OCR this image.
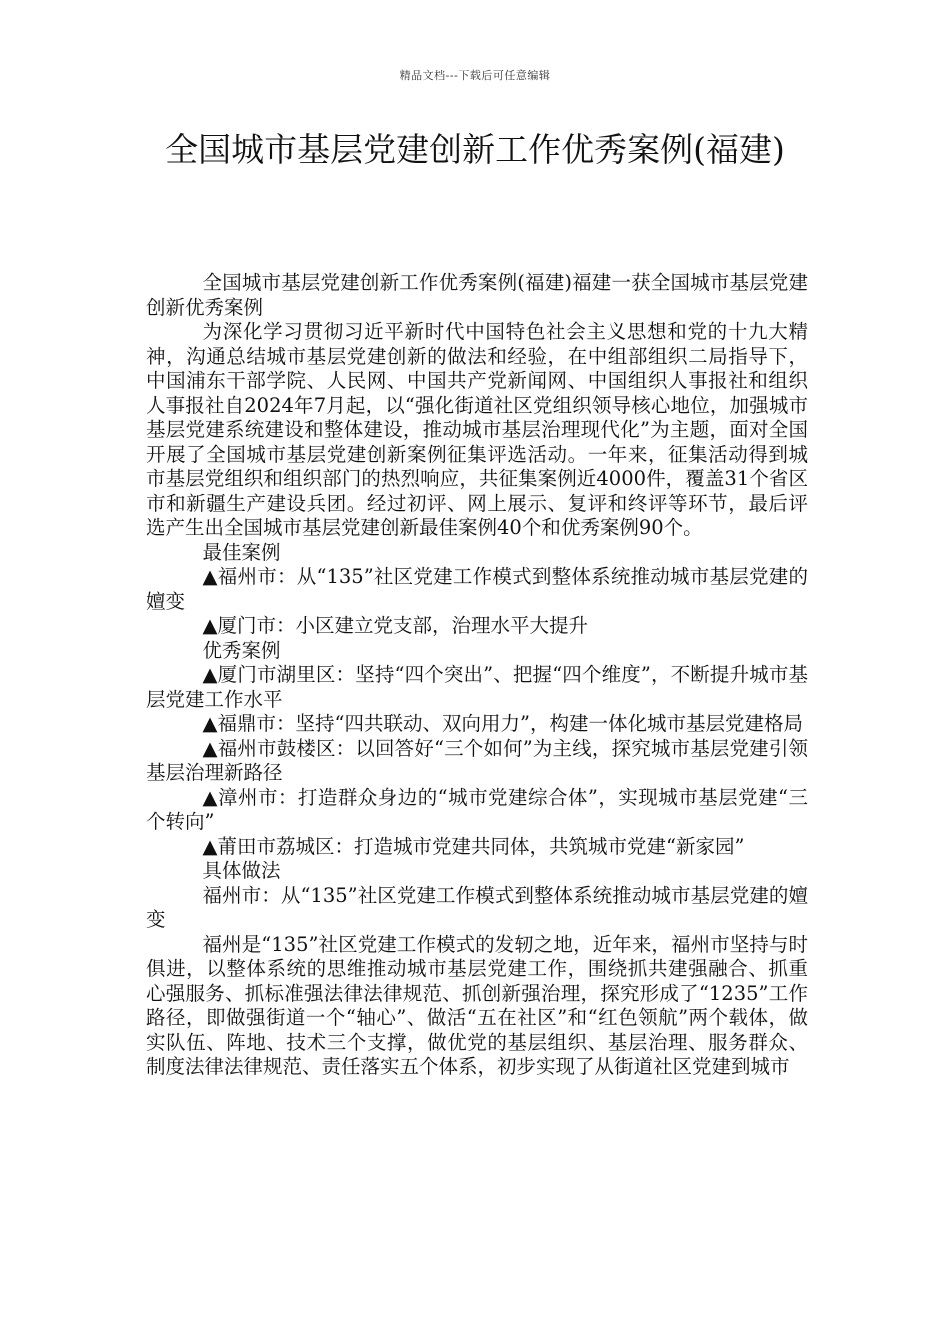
精品文档---下载后可任意编辑
全国城市基层党建创新工作优秀案例(福建)

全国城市基层党建创新工作优秀案例(福建)福建一获全国城市基层党建创新优秀案例

为深化学习贯彻习近平新时代中国特色社会主义思想和党的十九大精神，沟通总结城市基层党建创新的做法和经验，在中组部组织二局指导下，中国浦东干部学院、人民网、中国共产党新闻网、中国组织人事报社和组织人事报社自2024年7月起，以“强化街道社区党组织领导核心地位，加强城市基层党建系统建设和整体建设，推动城市基层治理现代化”为主题，面对全国开展了全国城市基层党建创新案例征集评选活动。一年来，征集活动得到城市基层党组织和组织部门的热烈响应，共征集案例近4000件，覆盖31个省区市和新疆生产建设兵团。经过初评、网上展示、复评和终评等环节，最后评选产生出全国城市基层党建创新最佳案例40个和优秀案例90个。

最佳案例

▲福州市：从“135”社区党建工作模式到整体系统推动城市基层党建的嬗变

▲厦门市：小区建立党支部，治理水平大提升

优秀案例

▲厦门市湖里区：坚持“四个突出”、把握“四个维度”，不断提升城市基层党建工作水平

▲福鼎市：坚持“四共联动、双向用力”，构建一体化城市基层党建格局

▲福州市鼓楼区：以回答好“三个如何”为主线，探究城市基层党建引领基层治理新路径

▲漳州市：打造群众身边的“城市党建综合体”，实现城市基层党建“三个转向”

▲莆田市荔城区：打造城市党建共同体，共筑城市党建“新家园”

具体做法

福州市：从“135”社区党建工作模式到整体系统推动城市基层党建的嬗变

福州是“135”社区党建工作模式的发轫之地，近年来，福州市坚持与时俱进，以整体系统的思维推动城市基层党建工作，围绕抓共建强融合、抓重心强服务、抓标准强法律法律规范、抓创新强治理，探究形成了“1235”工作路径，即做强街道一个“轴心”、做活“五在社区”和“红色领航”两个载体，做实队伍、阵地、技术三个支撑，做优党的基层组织、基层治理、服务群众、制度法律法律规范、责任落实五个体系，初步实现了从街道社区党建到城市
